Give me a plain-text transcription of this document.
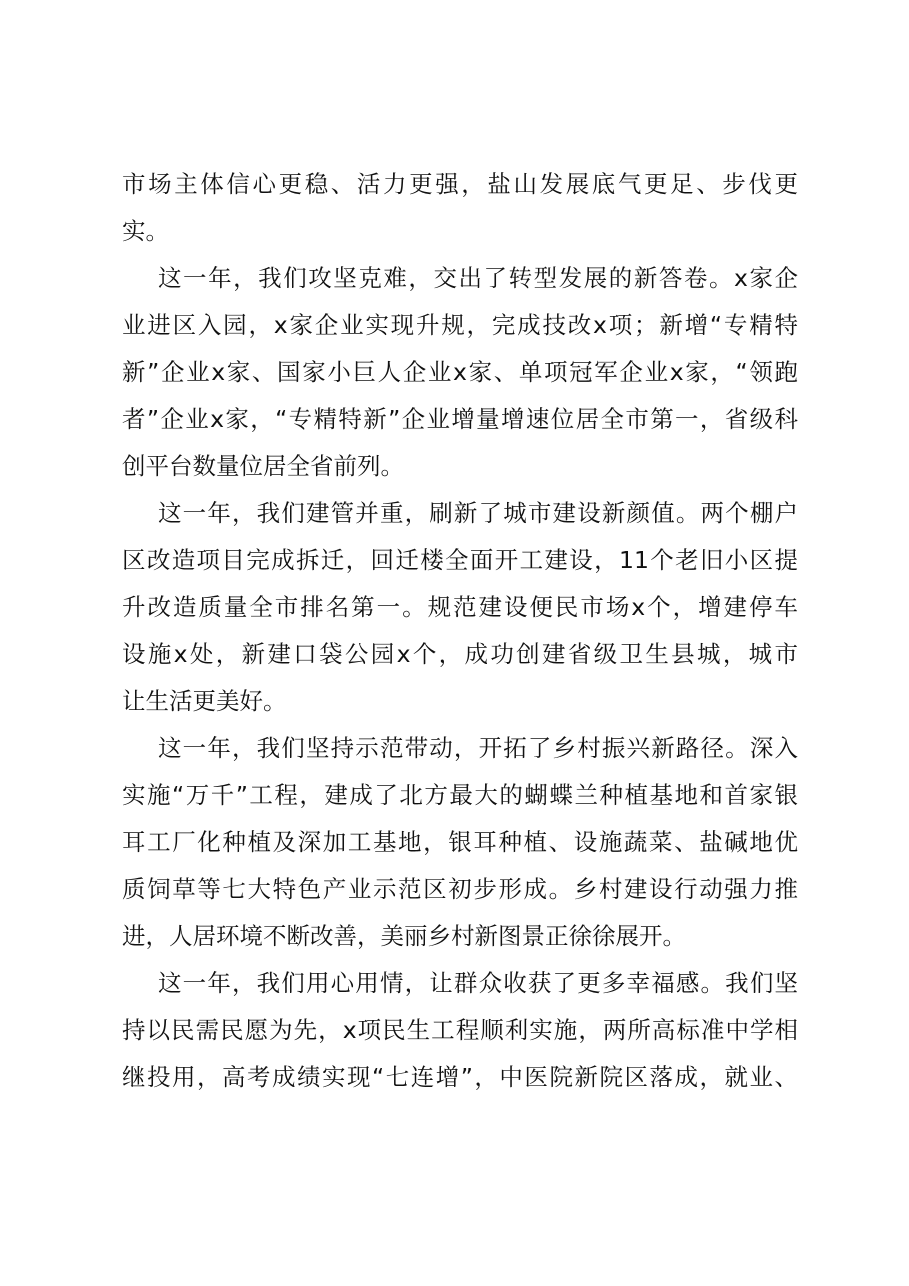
市场主体信心更稳、活力更强，盐山发展底气更足、步伐更
实。
这一年，我们攻坚克难，交出了转型发展的新答卷。x家企
业进区入园，x家企业实现升规，完成技改x项；新增“专精特
新”企业x家、国家小巨人企业x家、单项冠军企业x家，“领跑
者”企业x家，“专精特新”企业增量增速位居全市第一，省级科
创平台数量位居全省前列。
这一年，我们建管并重，刷新了城市建设新颜值。两个棚户
区改造项目完成拆迁，回迁楼全面开工建设，11个老旧小区提
升改造质量全市排名第一。规范建设便民市场x个，增建停车
设施x处，新建口袋公园x个，成功创建省级卫生县城，城市
让生活更美好。
这一年，我们坚持示范带动，开拓了乡村振兴新路径。深入
实施“万千”工程，建成了北方最大的蝴蝶兰种植基地和首家银
耳工厂化种植及深加工基地，银耳种植、设施蔬菜、盐碱地优
质饲草等七大特色产业示范区初步形成。乡村建设行动强力推
进，人居环境不断改善，美丽乡村新图景正徐徐展开。
这一年，我们用心用情，让群众收获了更多幸福感。我们坚
持以民需民愿为先，x项民生工程顺利实施，两所高标准中学相
继投用，高考成绩实现“七连增”，中医院新院区落成，就业、
